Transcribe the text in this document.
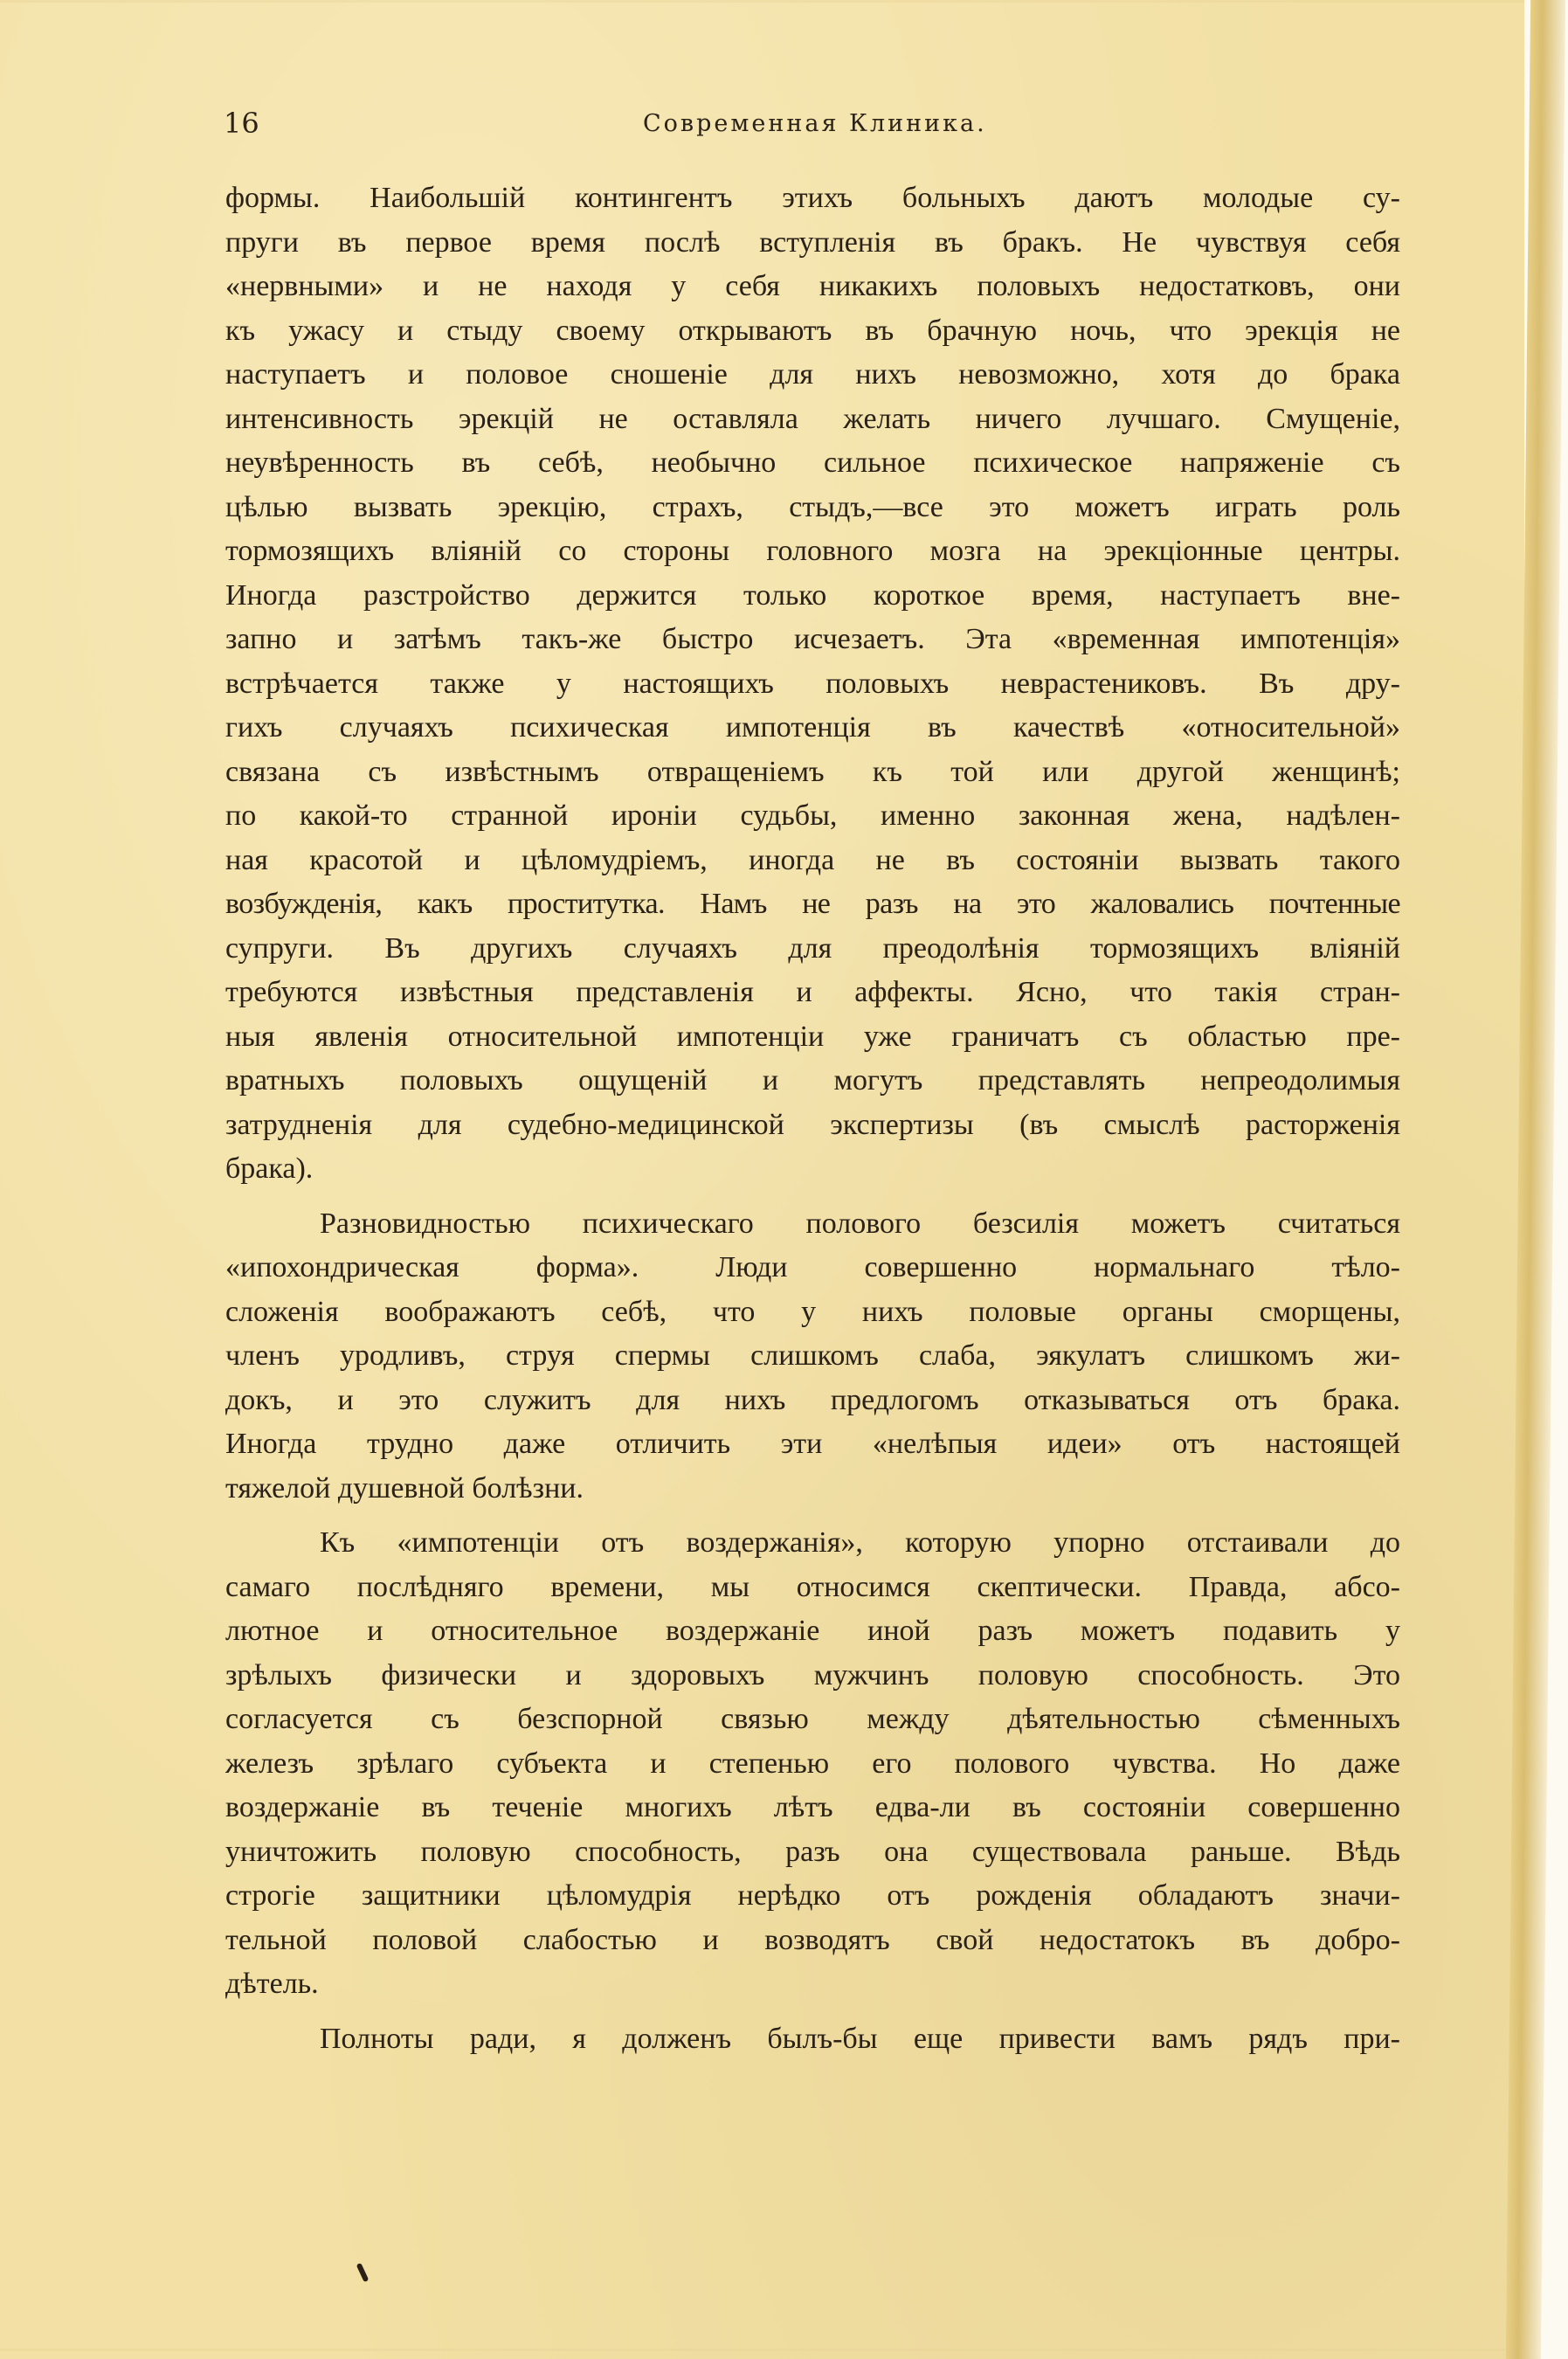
16	Современная Клиника.
формы. Наибольшій контингентъ этихъ больныхъ даютъ молодые су-
пруги въ первое время послѣ вступленія въ бракъ. Не чувствуя себя
«нервными» и не находя у себя никакихъ половыхъ недостатковъ, они
къ ужасу и стыду своему открываютъ въ брачную ночь, что эрекція не
наступаетъ и половое сношеніе для нихъ невозможно, хотя до брака
интенсивность эрекцій не оставляла желать ничего лучшаго. Смущеніе,
неувѣренность въ себѣ, необычно сильное психическое напряженіе съ
цѣлью вызвать эрекцію, страхъ, стыдъ,—все это можетъ играть роль
тормозящихъ вліяній со стороны головного мозга на эрекціонные центры.
Иногда разстройство держится только короткое время, наступаетъ вне-
запно и затѣмъ такъ-же быстро исчезаетъ. Эта «временная импотенція»
встрѣчается также у настоящихъ половыхъ неврастениковъ. Въ дру-
гихъ случаяхъ психическая импотенція въ качествѣ «относительной»
связана съ извѣстнымъ отвращеніемъ къ той или другой женщинѣ;
по какой-то странной ироніи судьбы, именно законная жена, надѣлен-
ная красотой и цѣломудріемъ, иногда не въ состояніи вызвать такого
возбужденія, какъ проститутка. Намъ не разъ на это жаловались почтенные
супруги. Въ другихъ случаяхъ для преодолѣнія тормозящихъ вліяній
требуются извѣстныя представленія и аффекты. Ясно, что такія стран-
ныя явленія относительной импотенціи уже граничатъ съ областью пре-
вратныхъ половыхъ ощущеній и могутъ представлять непреодолимыя
затрудненія для судебно-медицинской экспертизы (въ смыслѣ расторженія
брака).
Разновидностью психическаго полового безсилія можетъ считаться
«ипохондрическая форма». Люди совершенно нормальнаго тѣло-
сложенія воображаютъ себѣ, что у нихъ половые органы сморщены,
членъ уродливъ, струя спермы слишкомъ слаба, эякулатъ слишкомъ жи-
докъ, и это служитъ для нихъ предлогомъ отказываться отъ брака.
Иногда трудно даже отличить эти «нелѣпыя идеи» отъ настоящей
тяжелой душевной болѣзни.
Къ «импотенціи отъ воздержанія», которую упорно отстаивали до
самаго послѣдняго времени, мы относимся скептически. Правда, абсо-
лютное и относительное воздержаніе иной разъ можетъ подавить у
зрѣлыхъ физически и здоровыхъ мужчинъ половую способность. Это
согласуется съ безспорной связью между дѣятельностью сѣменныхъ
железъ зрѣлаго субъекта и степенью его полового чувства. Но даже
воздержаніе въ теченіе многихъ лѣтъ едва-ли въ состояніи совершенно
уничтожить половую способность, разъ она существовала раньше. Вѣдь
строгіе защитники цѣломудрія нерѣдко отъ рожденія обладаютъ значи-
тельной половой слабостью и возводятъ свой недостатокъ въ добро-
дѣтель.
Полноты ради, я долженъ былъ-бы еще привести вамъ рядъ при-
